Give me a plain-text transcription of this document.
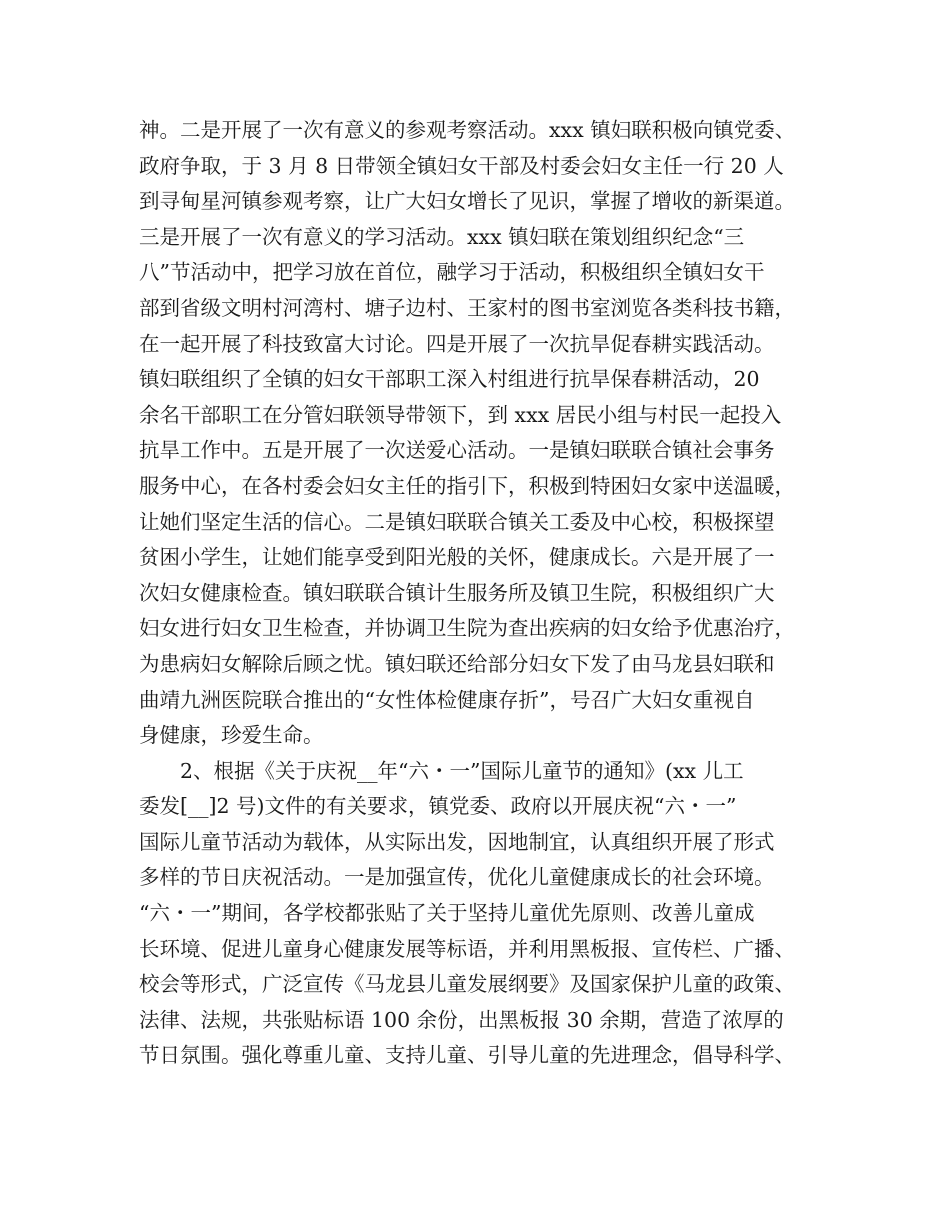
神。二是开展了一次有意义的参观考察活动。xxx 镇妇联积极向镇党委、
政府争取，于 3 月 8 日带领全镇妇女干部及村委会妇女主任一行 20 人
到寻甸星河镇参观考察，让广大妇女增长了见识，掌握了增收的新渠道。
三是开展了一次有意义的学习活动。xxx 镇妇联在策划组织纪念“三
八”节活动中，把学习放在首位，融学习于活动，积极组织全镇妇女干
部到省级文明村河湾村、塘子边村、王家村的图书室浏览各类科技书籍，
在一起开展了科技致富大讨论。四是开展了一次抗旱促春耕实践活动。
镇妇联组织了全镇的妇女干部职工深入村组进行抗旱保春耕活动，20
余名干部职工在分管妇联领导带领下，到 xxx 居民小组与村民一起投入
抗旱工作中。五是开展了一次送爱心活动。一是镇妇联联合镇社会事务
服务中心，在各村委会妇女主任的指引下，积极到特困妇女家中送温暖，
让她们坚定生活的信心。二是镇妇联联合镇关工委及中心校，积极探望
贫困小学生，让她们能享受到阳光般的关怀，健康成长。六是开展了一
次妇女健康检查。镇妇联联合镇计生服务所及镇卫生院，积极组织广大
妇女进行妇女卫生检查，并协调卫生院为查出疾病的妇女给予优惠治疗，
为患病妇女解除后顾之忧。镇妇联还给部分妇女下发了由马龙县妇联和
曲靖九洲医院联合推出的“女性体检健康存折”，号召广大妇女重视自
身健康，珍爱生命。
　　2、根据《关于庆祝__年“六・一”国际儿童节的通知》(xx 儿工
委发[__]2 号)文件的有关要求，镇党委、政府以开展庆祝“六・一”
国际儿童节活动为载体，从实际出发，因地制宜，认真组织开展了形式
多样的节日庆祝活动。一是加强宣传，优化儿童健康成长的社会环境。
“六・一”期间，各学校都张贴了关于坚持儿童优先原则、改善儿童成
长环境、促进儿童身心健康发展等标语，并利用黑板报、宣传栏、广播、
校会等形式，广泛宣传《马龙县儿童发展纲要》及国家保护儿童的政策、
法律、法规，共张贴标语 100 余份，出黑板报 30 余期，营造了浓厚的
节日氛围。强化尊重儿童、支持儿童、引导儿童的先进理念，倡导科学、
